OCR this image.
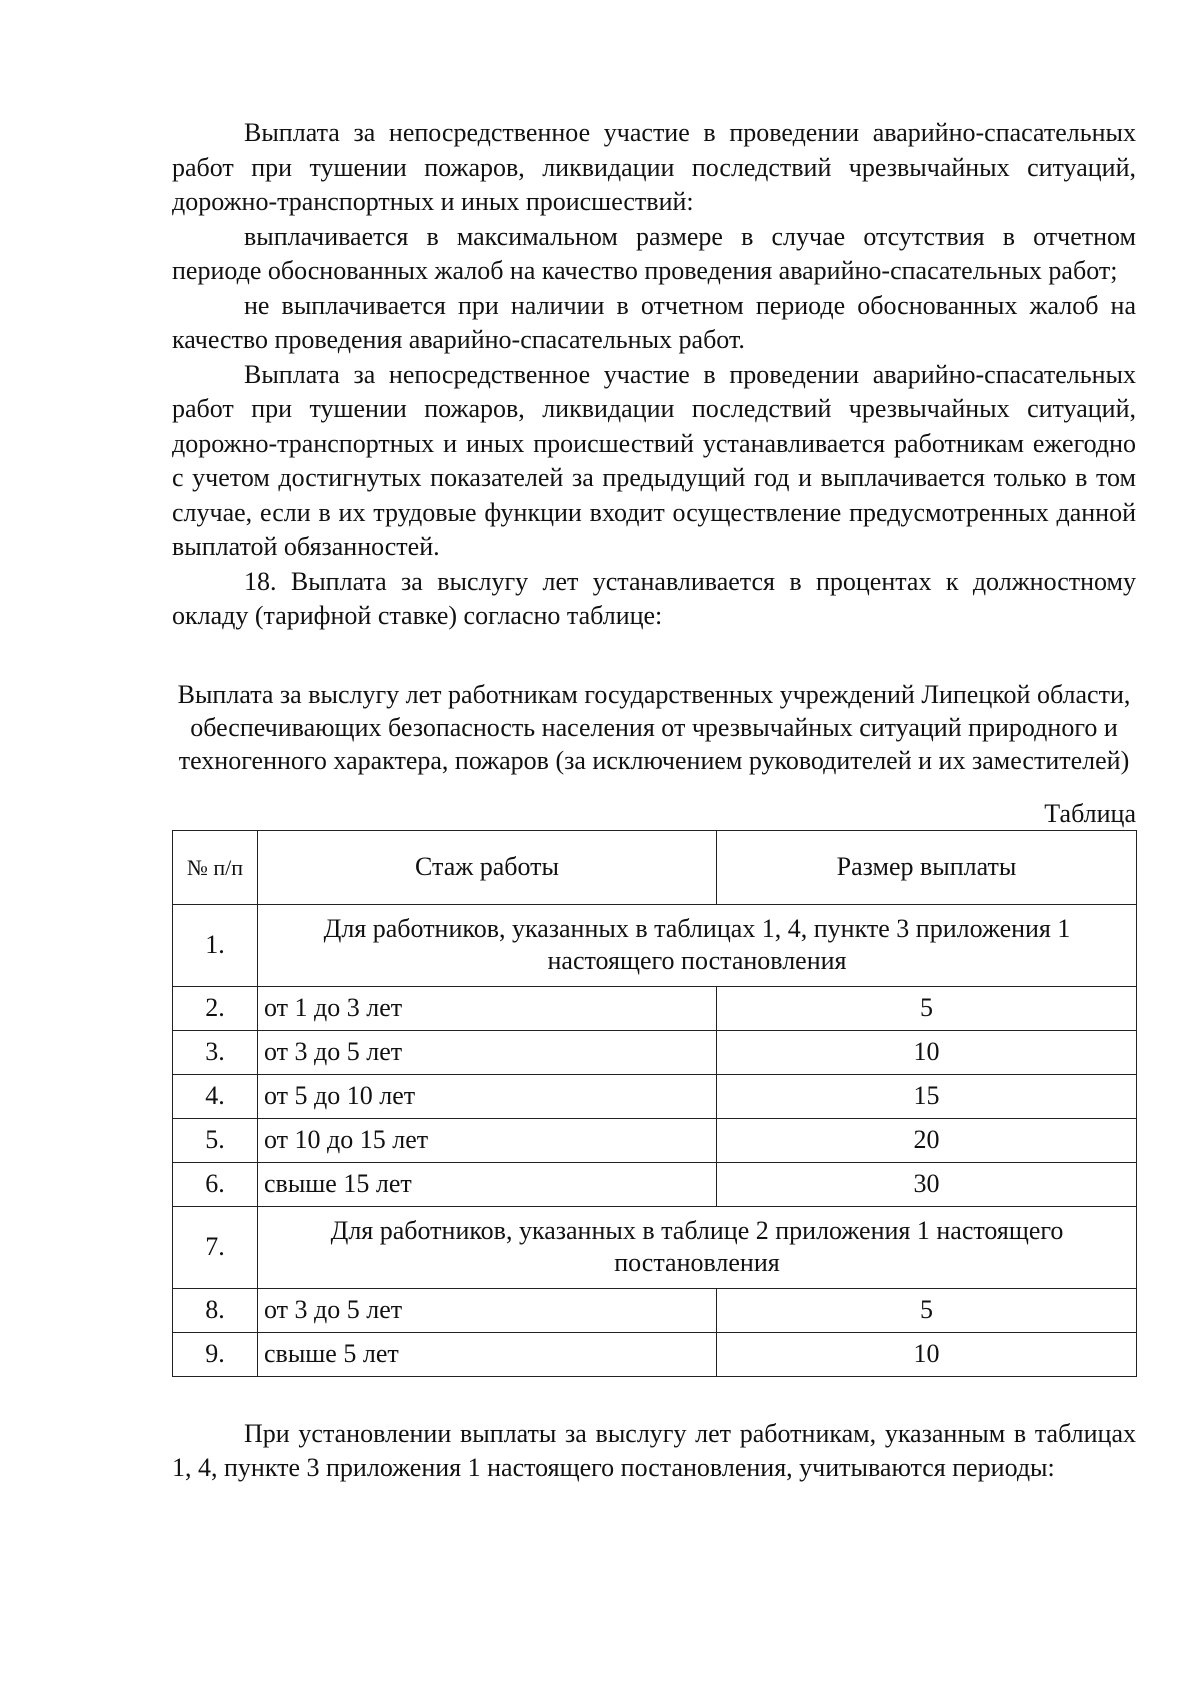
Выплата за непосредственное участие в проведении аварийно-спасательных работ при тушении пожаров, ликвидации последствий чрезвычайных ситуаций, дорожно-транспортных и иных происшествий:

выплачивается в максимальном размере в случае отсутствия в отчетном периоде обоснованных жалоб на качество проведения аварийно-спасательных работ;

не выплачивается при наличии в отчетном периоде обоснованных жалоб на качество проведения аварийно-спасательных работ.

Выплата за непосредственное участие в проведении аварийно-спасательных работ при тушении пожаров, ликвидации последствий чрезвычайных ситуаций, дорожно-транспортных и иных происшествий устанавливается работникам ежегодно с учетом достигнутых показателей за предыдущий год и выплачивается только в том случае, если в их трудовые функции входит осуществление предусмотренных данной выплатой обязанностей.

18. Выплата за выслугу лет устанавливается в процентах к должностному окладу (тарифной ставке) согласно таблице:

Выплата за выслугу лет работникам государственных учреждений Липецкой области, обеспечивающих безопасность населения от чрезвычайных ситуаций природного и техногенного характера, пожаров (за исключением руководителей и их заместителей)
Таблица
№ п/п	Стаж работы	Размер выплаты
1.	Для работников, указанных в таблицах 1, 4, пункте 3 приложения 1 настоящего постановления	
2.	от 1 до 3 лет	5
3.	от 3 до 5 лет	10
4.	от 5 до 10 лет	15
5.	от 10 до 15 лет	20
6.	свыше 15 лет	30
7.	Для работников, указанных в таблице 2 приложения 1 настоящего постановления	
8.	от 3 до 5 лет	5
9.	свыше 5 лет	10

При установлении выплаты за выслугу лет работникам, указанным в таблицах 1, 4, пункте 3 приложения 1 настоящего постановления, учитываются периоды:
